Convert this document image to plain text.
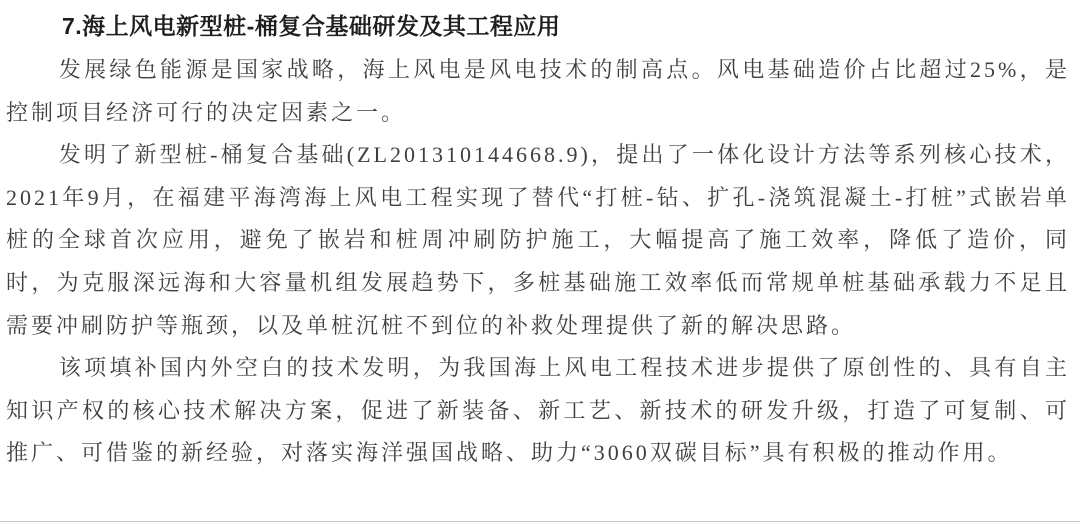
7.海上风电新型桩-桶复合基础研发及其工程应用

发展绿色能源是国家战略，海上风电是风电技术的制高点。风电基础造价占比超过25%，是控制项目经济可行的决定因素之一。

发明了新型桩-桶复合基础(ZL201310144668.9)，提出了一体化设计方法等系列核心技术，2021年9月，在福建平海湾海上风电工程实现了替代“打桩-钻、扩孔-浇筑混凝土-打桩”式嵌岩单桩的全球首次应用，避免了嵌岩和桩周冲刷防护施工，大幅提高了施工效率，降低了造价，同时，为克服深远海和大容量机组发展趋势下，多桩基础施工效率低而常规单桩基础承载力不足且需要冲刷防护等瓶颈，以及单桩沉桩不到位的补救处理提供了新的解决思路。

该项填补国内外空白的技术发明，为我国海上风电工程技术进步提供了原创性的、具有自主知识产权的核心技术解决方案，促进了新装备、新工艺、新技术的研发升级，打造了可复制、可推广、可借鉴的新经验，对落实海洋强国战略、助力“3060双碳目标”具有积极的推动作用。
